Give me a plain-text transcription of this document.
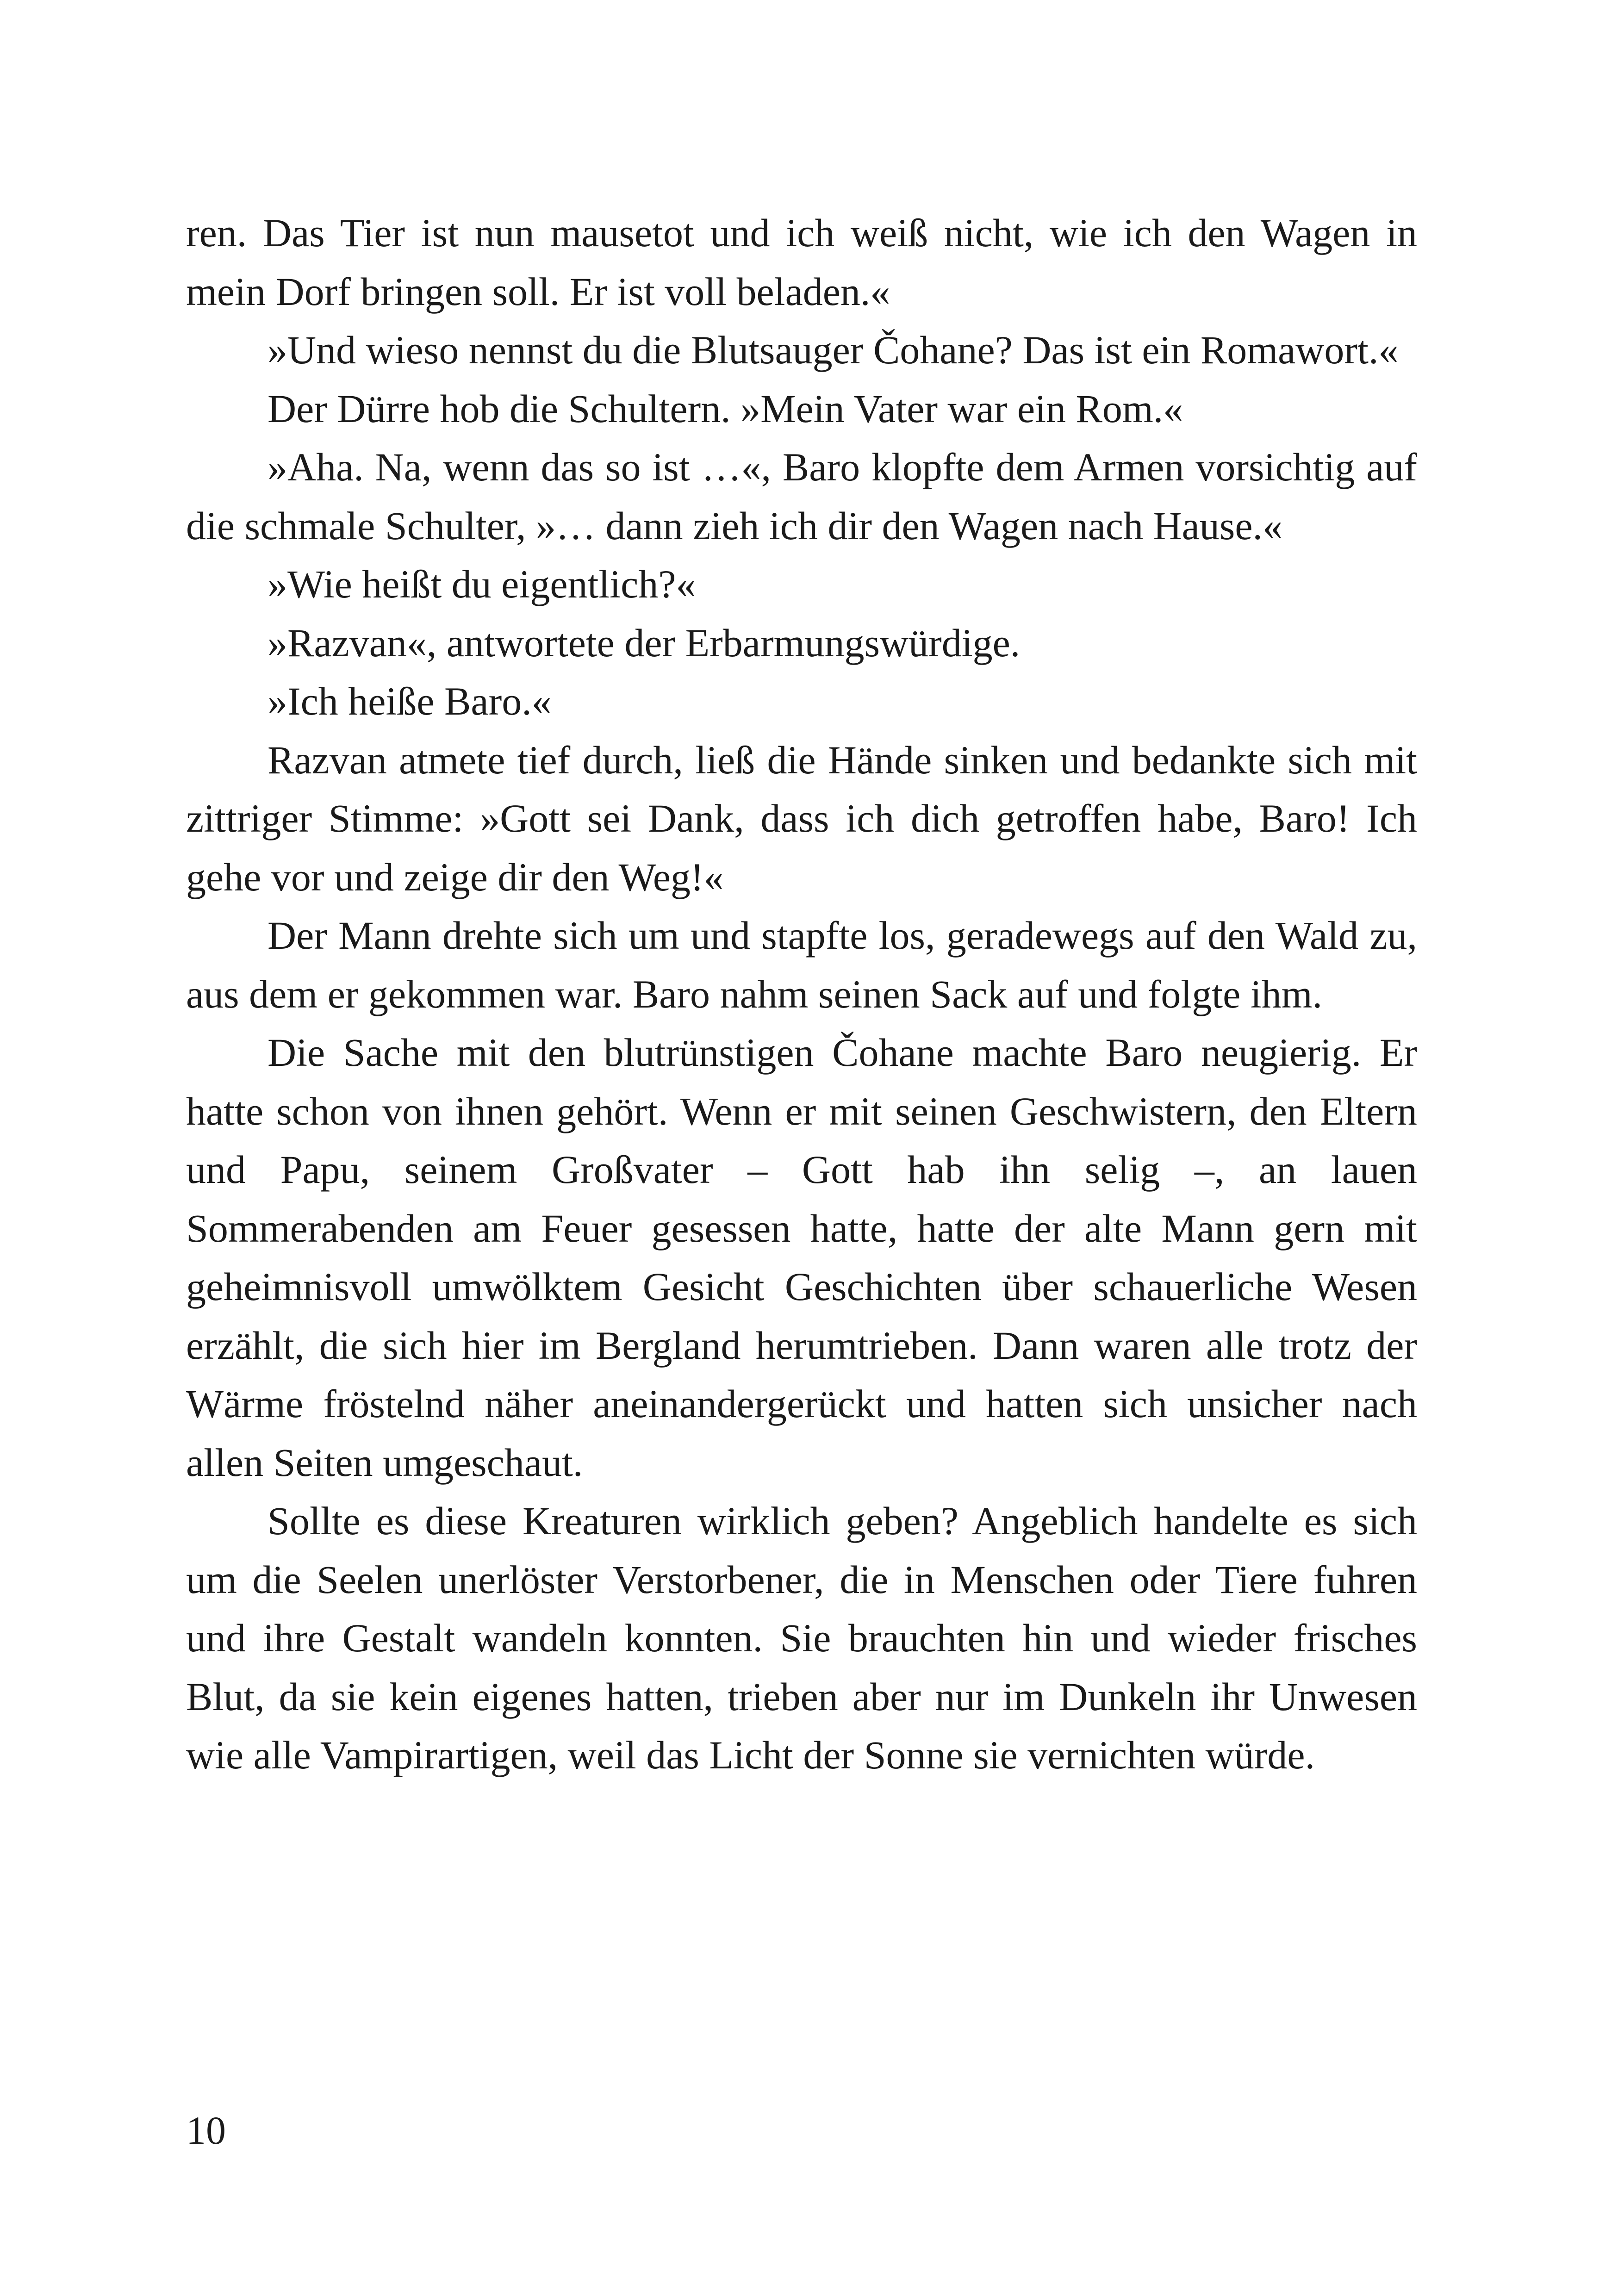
ren. Das Tier ist nun mausetot und ich weiß nicht, wie ich den Wagen in mein Dorf bringen soll. Er ist voll beladen.«

»Und wieso nennst du die Blutsauger Čohane? Das ist ein Romawort.«

Der Dürre hob die Schultern. »Mein Vater war ein Rom.«

»Aha. Na, wenn das so ist …«, Baro klopfte dem Armen vorsichtig auf die schmale Schulter, »… dann zieh ich dir den Wagen nach Hause.«

»Wie heißt du eigentlich?«

»Razvan«, antwortete der Erbarmungswürdige.

»Ich heiße Baro.«

Razvan atmete tief durch, ließ die Hände sinken und bedankte sich mit zittriger Stimme: »Gott sei Dank, dass ich dich getroffen habe, Baro! Ich gehe vor und zeige dir den Weg!«

Der Mann drehte sich um und stapfte los, geradewegs auf den Wald zu, aus dem er gekommen war. Baro nahm seinen Sack auf und folgte ihm.

Die Sache mit den blutrünstigen Čohane machte Baro neugierig. Er hatte schon von ihnen gehört. Wenn er mit seinen Geschwistern, den Eltern und Papu, seinem Großvater – Gott hab ihn selig –, an lauen Sommerabenden am Feuer gesessen hatte, hatte der alte Mann gern mit geheimnisvoll umwölktem Gesicht Geschichten über schauerliche Wesen erzählt, die sich hier im Bergland herumtrieben. Dann waren alle trotz der Wärme fröstelnd näher aneinandergerückt und hatten sich unsicher nach allen Seiten umgeschaut.

Sollte es diese Kreaturen wirklich geben? Angeblich handelte es sich um die Seelen unerlöster Verstorbener, die in Menschen oder Tiere fuhren und ihre Gestalt wandeln konnten. Sie brauchten hin und wieder frisches Blut, da sie kein eigenes hatten, trieben aber nur im Dunkeln ihr Unwesen wie alle Vampirartigen, weil das Licht der Sonne sie vernichten würde.

10
